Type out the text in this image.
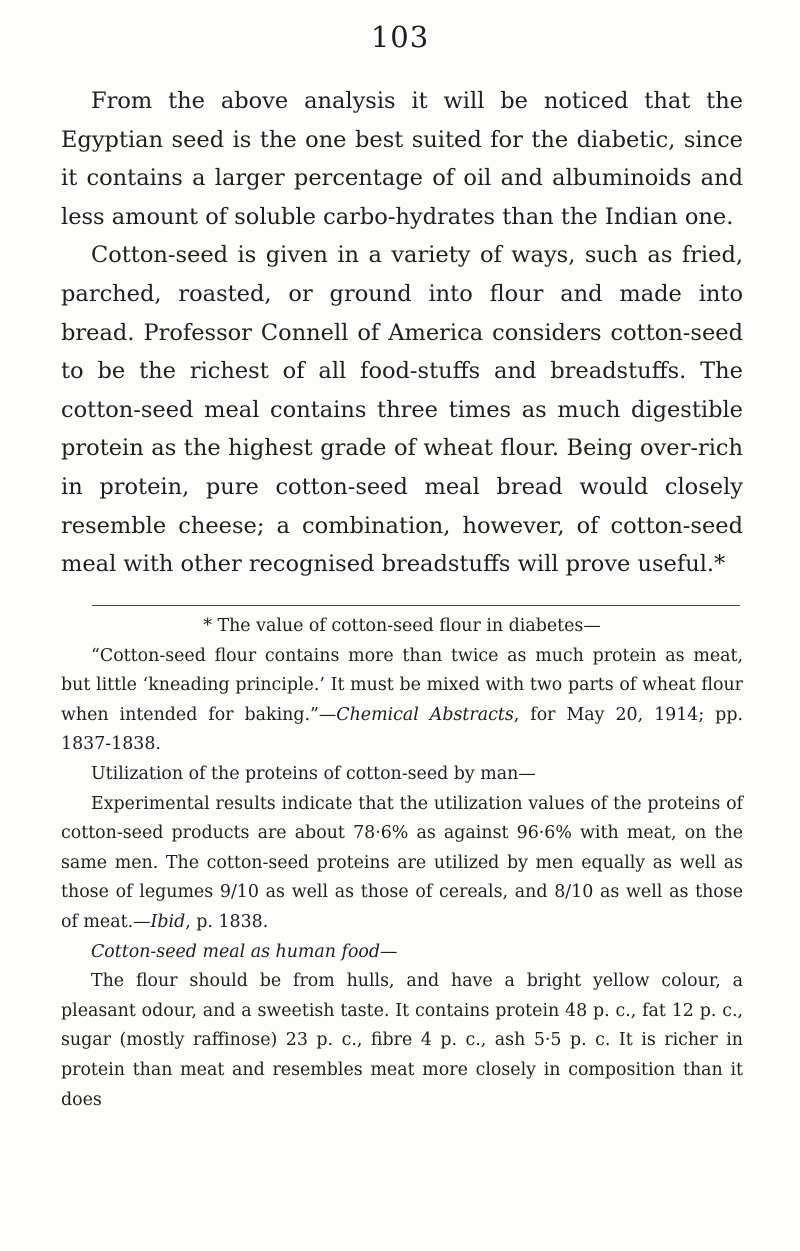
103

From the above analysis it will be noticed that the Egyptian seed is the one best suited for the diabetic, since it contains a larger percentage of oil and albuminoids and less amount of soluble carbo-hydrates than the Indian one.

Cotton-seed is given in a variety of ways, such as fried, parched, roasted, or ground into flour and made into bread. Professor Connell of America considers cotton-seed to be the richest of all food-stuffs and breadstuffs. The cotton-seed meal contains three times as much digestible protein as the highest grade of wheat flour. Being over-rich in protein, pure cotton-seed meal bread would closely resemble cheese; a combination, however, of cotton-seed meal with other recognised breadstuffs will prove useful.*

* The value of cotton-seed flour in diabetes—

“Cotton-seed flour contains more than twice as much protein as meat, but little ‘kneading principle.’ It must be mixed with two parts of wheat flour when intended for baking.”—Chemical Abstracts, for May 20, 1914; pp. 1837-1838.

Utilization of the proteins of cotton-seed by man—

Experimental results indicate that the utilization values of the proteins of cotton-seed products are about 78·6% as against 96·6% with meat, on the same men. The cotton-seed proteins are utilized by men equally as well as those of legumes 9/10 as well as those of cereals, and 8/10 as well as those of meat.—Ibid, p. 1838.

Cotton-seed meal as human food—

The flour should be from hulls, and have a bright yellow colour, a pleasant odour, and a sweetish taste. It contains protein 48 p. c., fat 12 p. c., sugar (mostly raffinose) 23 p. c., fibre 4 p. c., ash 5·5 p. c. It is richer in protein than meat and resembles meat more closely in composition than it does
